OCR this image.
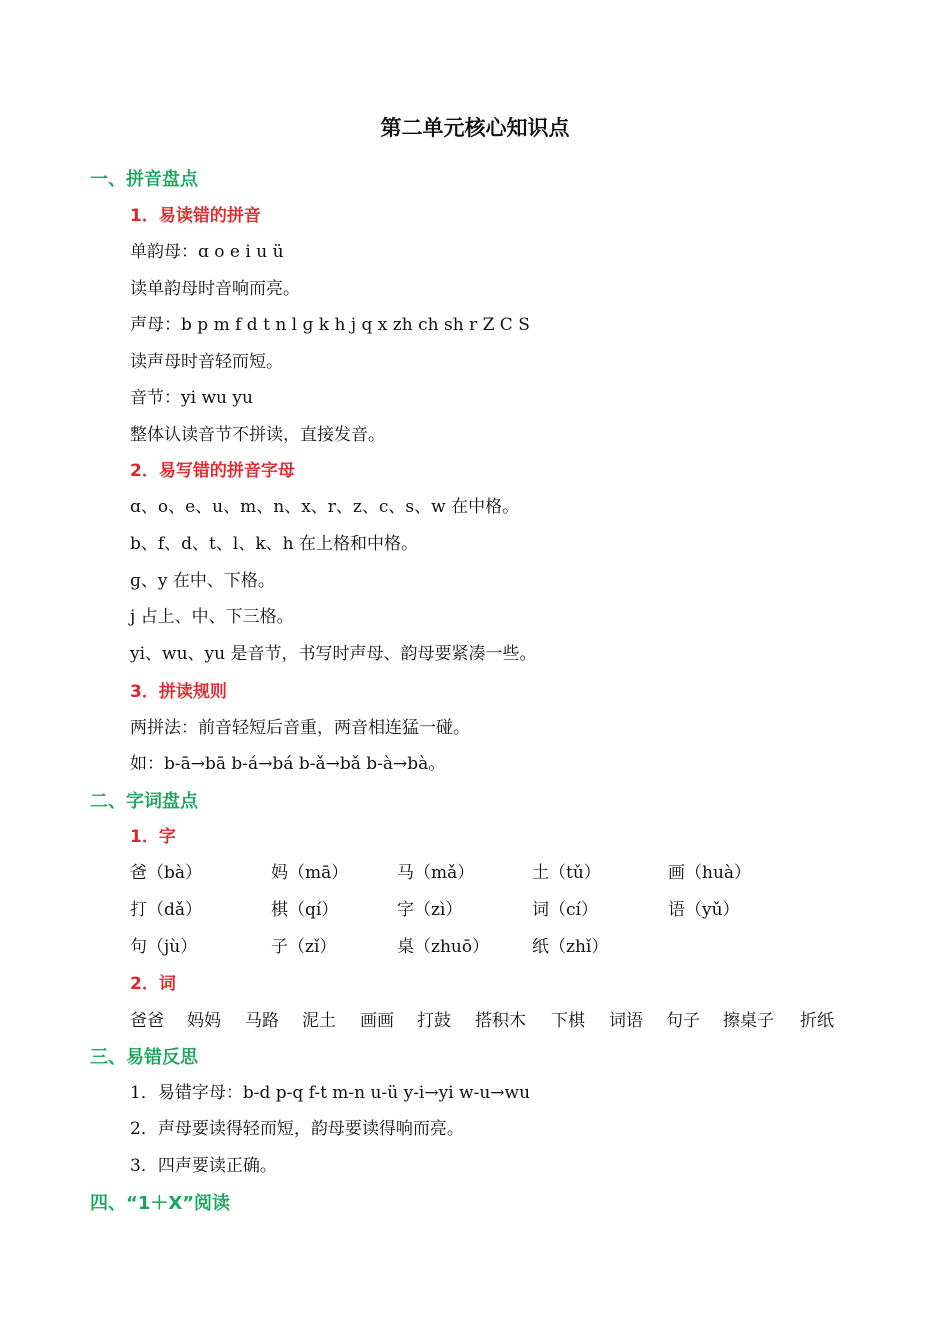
第二单元核心知识点
一、拼音盘点
1．易读错的拼音
单韵母：ɑ o e i u ü
读单韵母时音响而亮。
声母：b p m f d t n l ɡ k h j q x zh ch sh r Z C S
读声母时音轻而短。
音节：yi wu yu
整体认读音节不拼读，直接发音。
2．易写错的拼音字母
ɑ、o、e、u、m、n、x、r、z、c、s、w 在中格。
b、f、d、t、l、k、h 在上格和中格。
ɡ、y 在中、下格。
j 占上、中、下三格。
yi、wu、yu 是音节，书写时声母、韵母要紧凑一些。
3．拼读规则
两拼法：前音轻短后音重，两音相连猛一碰。
如：b-ā→bā b-á→bá b-ǎ→bǎ b-à→bà。
二、字词盘点
1．字
爸（bà）	妈（mā）	马（mǎ）	土（tǔ）	画（huà）
打（dǎ）	棋（qí）	字（zì）	词（cí）	语（yǔ）
句（jù）	子（zǐ）	桌（zhuō）	纸（zhǐ）
2．词
爸爸 妈妈 马路 泥土 画画 打鼓 搭积木 下棋 词语 句子 擦桌子 折纸
三、易错反思
1．易错字母：b-d p-q f-t m-n u-ü y-i→yi w-u→wu
2．声母要读得轻而短，韵母要读得响而亮。
3．四声要读正确。
四、“1＋X”阅读
